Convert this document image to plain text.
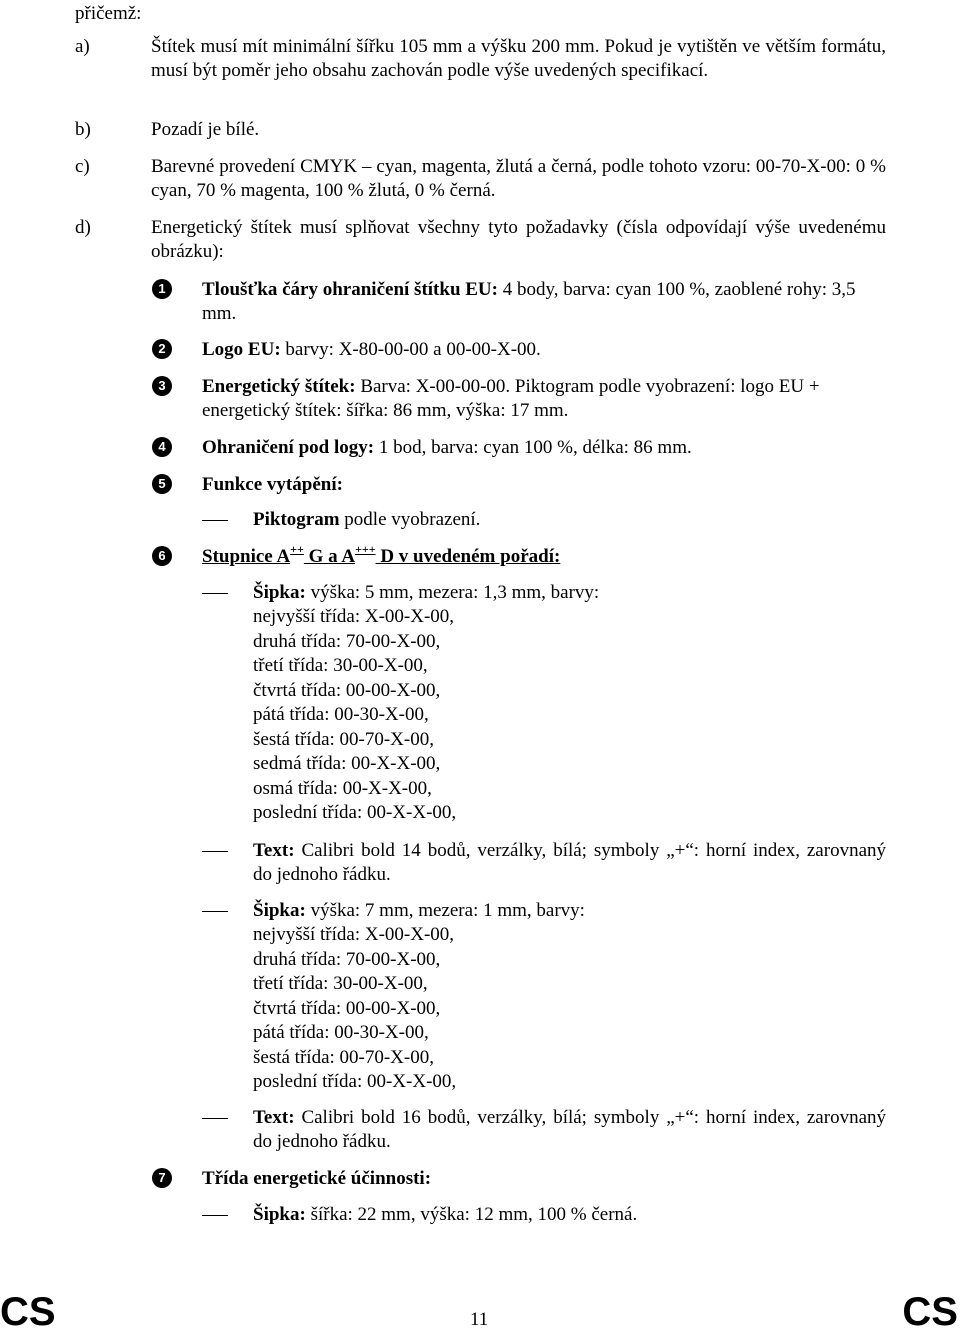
přičemž:
a)	Štítek musí mít minimální šířku 105 mm a výšku 200 mm. Pokud je vytištěn ve větším formátu, musí být poměr jeho obsahu zachován podle výše uvedených specifikací.
b)	Pozadí je bílé.
c)	Barevné provedení CMYK – cyan, magenta, žlutá a černá, podle tohoto vzoru: 00-70-X-00: 0 % cyan, 70 % magenta, 100 % žlutá, 0 % černá.
d)	Energetický štítek musí splňovat všechny tyto požadavky (čísla odpovídají výše uvedenému obrázku):
1	Tloušťka čáry ohraničení štítku EU: 4 body, barva: cyan 100 %, zaoblené rohy: 3,5 mm.
2	Logo EU: barvy: X-80-00-00 a 00-00-X-00.
3	Energetický štítek: Barva: X-00-00-00. Piktogram podle vyobrazení: logo EU + energetický štítek: šířka: 86 mm, výška: 17 mm.
4	Ohraničení pod logy: 1 bod, barva: cyan 100 %, délka: 86 mm.
5	Funkce vytápění:
Piktogram podle vyobrazení.
6	Stupnice A++ G a A+++ D v uvedeném pořadí:
Šipka: výška: 5 mm, mezera: 1,3 mm, barvy:
nejvyšší třída: X-00-X-00,
druhá třída: 70-00-X-00,
třetí třída: 30-00-X-00,
čtvrtá třída: 00-00-X-00,
pátá třída: 00-30-X-00,
šestá třída: 00-70-X-00,
sedmá třída: 00-X-X-00,
osmá třída: 00-X-X-00,
poslední třída: 00-X-X-00,
Text: Calibri bold 14 bodů, verzálky, bílá; symboly „+“: horní index, zarovnaný do jednoho řádku.
Šipka: výška: 7 mm, mezera: 1 mm, barvy:
nejvyšší třída: X-00-X-00,
druhá třída: 70-00-X-00,
třetí třída: 30-00-X-00,
čtvrtá třída: 00-00-X-00,
pátá třída: 00-30-X-00,
šestá třída: 00-70-X-00,
poslední třída: 00-X-X-00,
Text: Calibri bold 16 bodů, verzálky, bílá; symboly „+“: horní index, zarovnaný do jednoho řádku.
7	Třída energetické účinnosti:
Šipka: šířka: 22 mm, výška: 12 mm, 100 % černá.
CS	11	CS
